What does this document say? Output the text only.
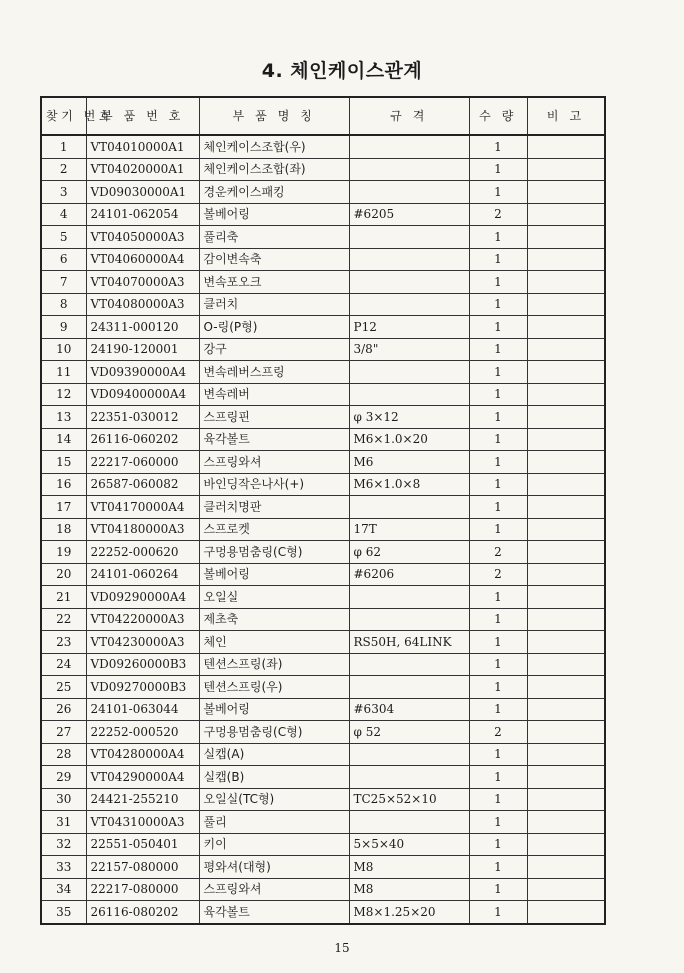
4. 체인케이스관계
찾기 번호	부 품 번 호	부 품 명 칭	규 격	수 량	비 고
1	VT04010000A1	체인케이스조합(우)		1	
2	VT04020000A1	체인케이스조합(좌)		1	
3	VD09030000A1	경운케이스패킹		1	
4	24101-062054	볼베어링	#6205	2	
5	VT04050000A3	풀리축		1	
6	VT04060000A4	감이변속축		1	
7	VT04070000A3	변속포오크		1	
8	VT04080000A3	클러치		1	
9	24311-000120	O-링(P형)	P12	1	
10	24190-120001	강구	3/8"	1	
11	VD09390000A4	변속레버스프링		1	
12	VD09400000A4	변속레버		1	
13	22351-030012	스프링핀	φ 3×12	1	
14	26116-060202	육각볼트	M6×1.0×20	1	
15	22217-060000	스프링와셔	M6	1	
16	26587-060082	바인딩작은나사(+)	M6×1.0×8	1	
17	VT04170000A4	클러치명판		1	
18	VT04180000A3	스프로켓	17T	1	
19	22252-000620	구멍용멈춤링(C형)	φ 62	2	
20	24101-060264	볼베어링	#6206	2	
21	VD09290000A4	오일실		1	
22	VT04220000A3	제초축		1	
23	VT04230000A3	체인	RS50H, 64LINK	1	
24	VD09260000B3	텐션스프링(좌)		1	
25	VD09270000B3	텐션스프링(우)		1	
26	24101-063044	볼베어링	#6304	1	
27	22252-000520	구멍용멈춤링(C형)	φ 52	2	
28	VT04280000A4	실캡(A)		1	
29	VT04290000A4	실캡(B)		1	
30	24421-255210	오일실(TC형)	TC25×52×10	1	
31	VT04310000A3	풀리		1	
32	22551-050401	키이	5×5×40	1	
33	22157-080000	평와셔(대형)	M8	1	
34	22217-080000	스프링와셔	M8	1	
35	26116-080202	육각볼트	M8×1.25×20	1	
15
